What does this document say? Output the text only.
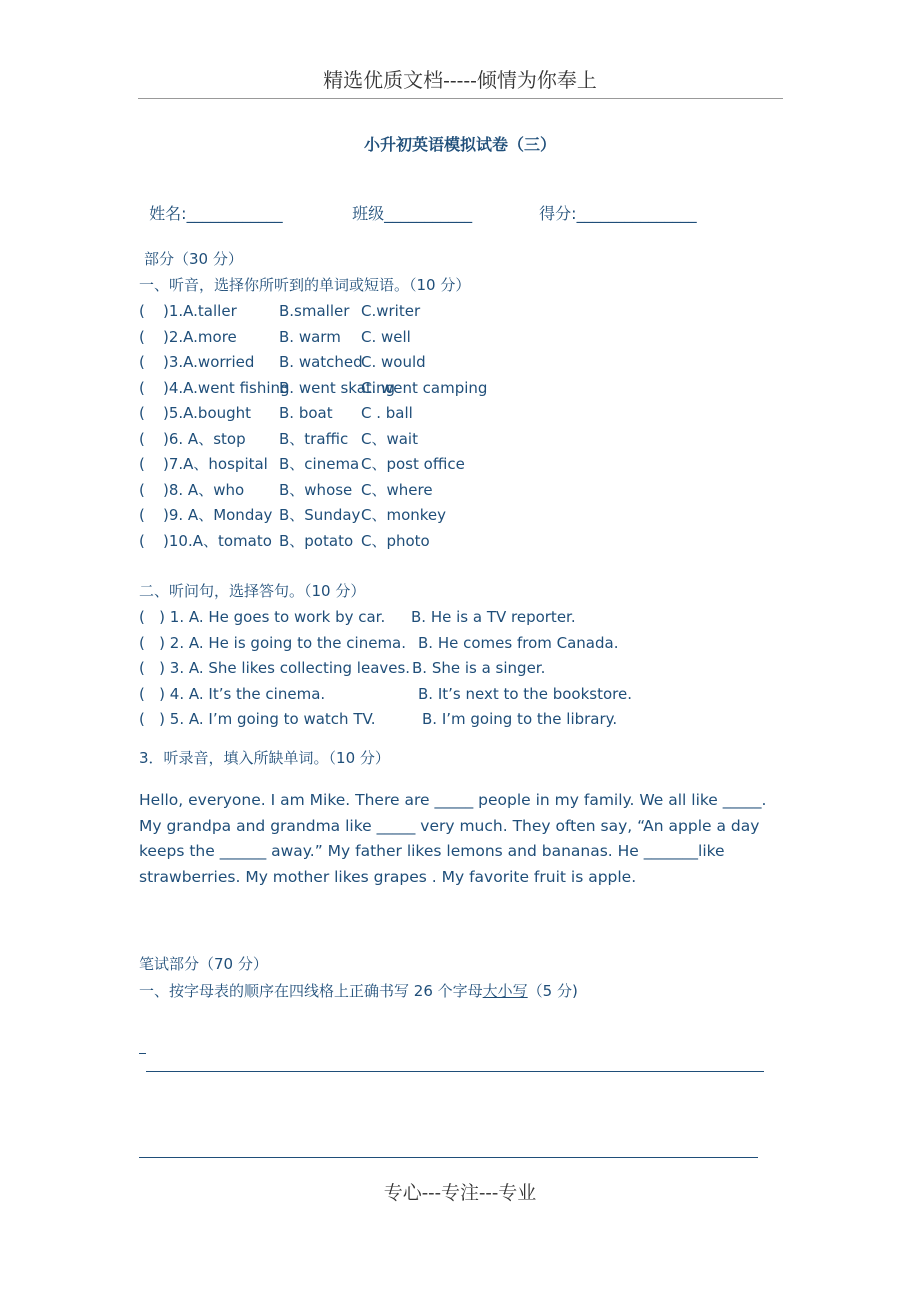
精选优质文档-----倾情为你奉上
小升初英语模拟试卷（三）

姓名:____________	班级___________	得分:_______________

部分（30 分）
一、听音，选择你所听到的单词或短语。（10 分）
( )1.A.taller	B.smaller C.writer
( )2.A.more	B. warm C. well
( )3.A.worried B. watchedC. would
( )4.A.went fishingB. went skatingC. went camping
( )5.A.bought B. boat C . ball
( )6. A、stop B、traffic C、wait
( )7.A、hospital B、cinema C、post office
( )8. A、who B、whose C、where
( )9. A、Monday B、SundayC、monkey
( )10.A、tomato B、potato C、photo
二、听问句，选择答句。（10 分）
(   ) 1. A. He goes to work by car. B. He is a TV reporter.
(   ) 2. A. He is going to the cinema. B. He comes from Canada.
(   ) 3. A. She likes collecting leaves. B. She is a singer.
(   ) 4. A. It’s the cinema.	B. It’s next to the bookstore.
(   ) 5. A. I’m going to watch TV.	B. I’m going to the library.
3．听录音，填入所缺单词。（10 分）

Hello, everyone. I am Mike. There are _____ people in my family. We all like _____.

My grandpa and grandma like _____ very much. They often say, “An apple a day

keeps the ______ away.” My father likes lemons and bananas. He _______like

strawberries. My mother likes grapes . My favorite fruit is apple.

笔试部分（70 分）
一、按字母表的顺序在四线格上正确书写 26 个字母大小写（5 分)
专心---专注---专业
